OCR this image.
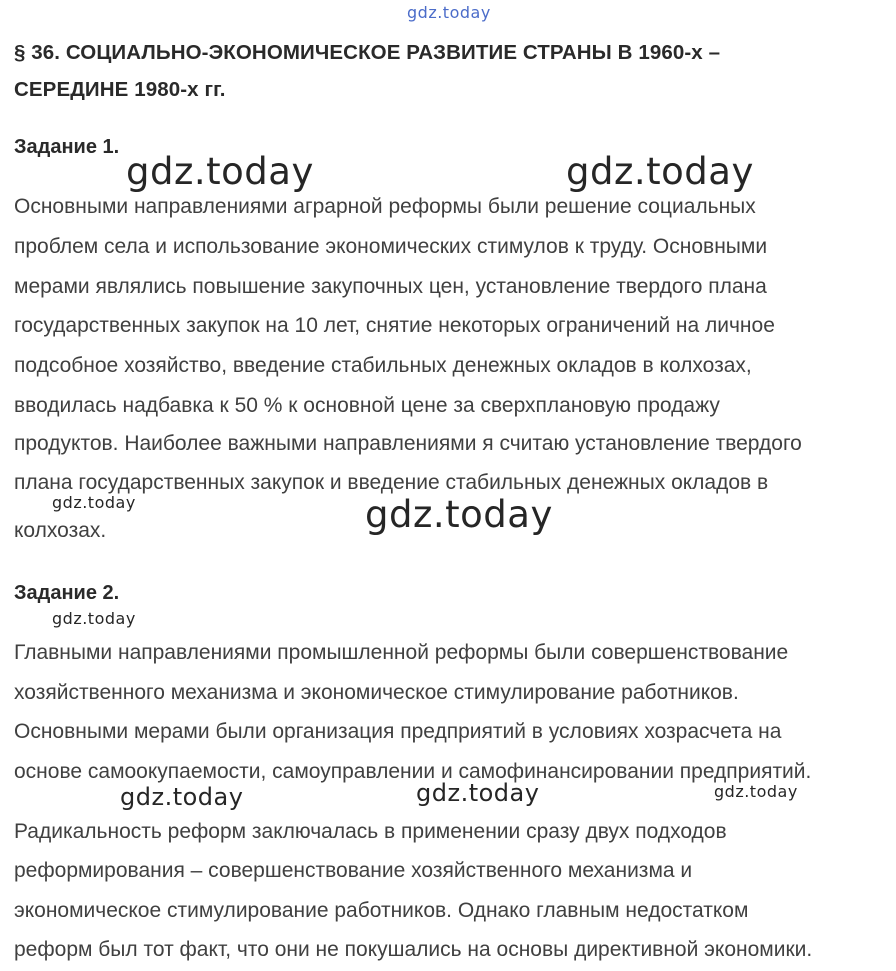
gdz.today
§ 36. СОЦИАЛЬНО-ЭКОНОМИЧЕСКОЕ РАЗВИТИЕ СТРАНЫ В 1960-х –
СЕРЕДИНЕ 1980-х гг.
Задание 1.
gdz.today	gdz.today
Основными направлениями аграрной реформы были решение социальных
проблем села и использование экономических стимулов к труду. Основными
мерами являлись повышение закупочных цен, установление твердого плана
государственных закупок на 10 лет, снятие некоторых ограничений на личное
подсобное хозяйство, введение стабильных денежных окладов в колхозах,
вводилась надбавка к 50 % к основной цене за сверхплановую продажу
продуктов. Наиболее важными направлениями я считаю установление твердого
плана государственных закупок и введение стабильных денежных окладов в
gdz.today	gdz.today
колхозах.
Задание 2.
gdz.today
Главными направлениями промышленной реформы были совершенствование
хозяйственного механизма и экономическое стимулирование работников.
Основными мерами были организация предприятий в условиях хозрасчета на
основе самоокупаемости, самоуправлении и самофинансировании предприятий.
gdz.today	gdz.today	gdz.today
Радикальность реформ заключалась в применении сразу двух подходов
реформирования – совершенствование хозяйственного механизма и
экономическое стимулирование работников. Однако главным недостатком
реформ был тот факт, что они не покушались на основы директивной экономики.
